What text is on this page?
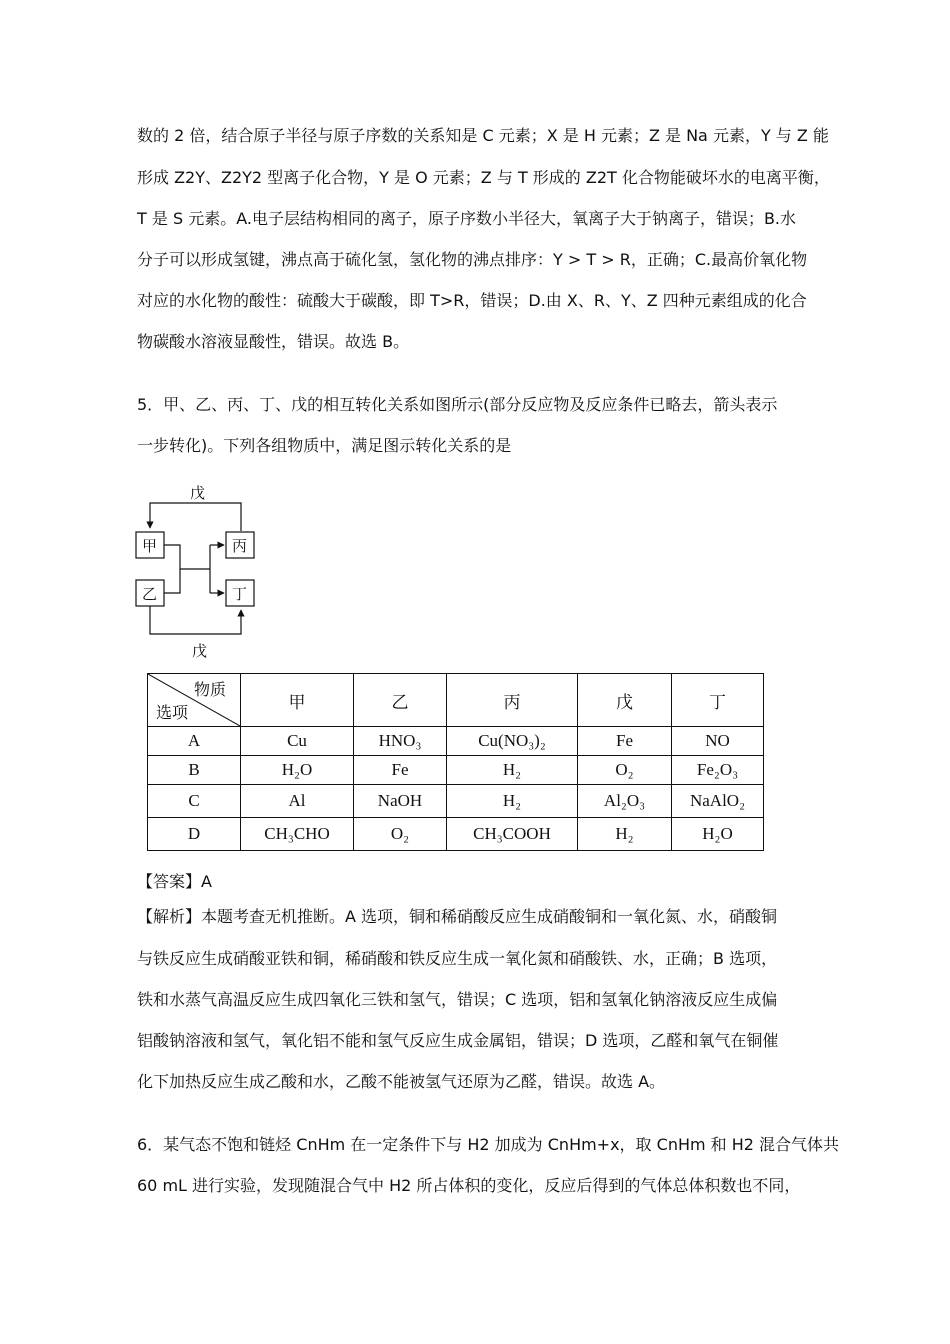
数的 2 倍，结合原子半径与原子序数的关系知是 C 元素；X 是 H 元素；Z 是 Na 元素，Y 与 Z 能
形成 Z2Y、Z2Y2 型离子化合物，Y 是 O 元素；Z 与 T 形成的 Z2T 化合物能破坏水的电离平衡，
T 是 S 元素。A.电子层结构相同的离子，原子序数小半径大，氧离子大于钠离子，错误；B.水
分子可以形成氢键，沸点高于硫化氢，氢化物的沸点排序：Y > T > R，正确；C.最高价氧化物
对应的水化物的酸性：硫酸大于碳酸，即 T>R，错误；D.由 X、R、Y、Z 四种元素组成的化合
物碳酸水溶液显酸性，错误。故选 B。
5．甲、乙、丙、丁、戊的相互转化关系如图所示(部分反应物及反应条件已略去，箭头表示
一步转化)。下列各组物质中，满足图示转化关系的是
戊
甲	丙
乙	丁
戊
物质
选项	甲	乙	丙	戊	丁
A	Cu	HNO₃	Cu(NO₃)₂	Fe	NO
B	H₂O	Fe	H₂	O₂	Fe₂O₃
C	Al	NaOH	H₂	Al₂O₃	NaAlO₂
D	CH₃CHO	O₂	CH₃COOH	H₂	H₂O
【答案】A
【解析】本题考查无机推断。A 选项，铜和稀硝酸反应生成硝酸铜和一氧化氮、水，硝酸铜
与铁反应生成硝酸亚铁和铜，稀硝酸和铁反应生成一氧化氮和硝酸铁、水，正确；B 选项，
铁和水蒸气高温反应生成四氧化三铁和氢气，错误；C 选项，铝和氢氧化钠溶液反应生成偏
铝酸钠溶液和氢气，氧化铝不能和氢气反应生成金属铝，错误；D 选项，乙醛和氧气在铜催
化下加热反应生成乙酸和水，乙酸不能被氢气还原为乙醛，错误。故选 A。
6．某气态不饱和链烃 CnHm 在一定条件下与 H2 加成为 CnHm+x，取 CnHm 和 H2 混合气体共
60 mL 进行实验，发现随混合气中 H2 所占体积的变化，反应后得到的气体总体积数也不同，
